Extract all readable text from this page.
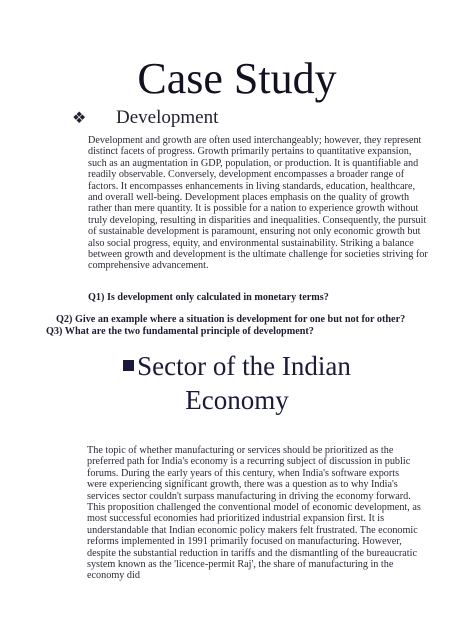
Case Study
❖ Development

Development and growth are often used interchangeably; however, they represent distinct facets of progress. Growth primarily pertains to quantitative expansion, such as an augmentation in GDP, population, or production. It is quantifiable and readily observable. Conversely, development encompasses a broader range of factors. It encompasses enhancements in living standards, education, healthcare, and overall well-being. Development places emphasis on the quality of growth rather than mere quantity. It is possible for a nation to experience growth without truly developing, resulting in disparities and inequalities. Consequently, the pursuit of sustainable development is paramount, ensuring not only economic growth but also social progress, equity, and environmental sustainability. Striking a balance between growth and development is the ultimate challenge for societies striving for comprehensive advancement.

Q1) Is development only calculated in monetary terms?

Q2) Give an example where a situation is development for one but not for other?

Q3) What are the two fundamental principle of development?

Sector of the Indian
Economy

The topic of whether manufacturing or services should be prioritized as the preferred path for India's economy is a recurring subject of discussion in public forums. During the early years of this century, when India's software exports were experiencing significant growth, there was a question as to why India's services sector couldn't surpass manufacturing in driving the economy forward. This proposition challenged the conventional model of economic development, as most successful economies had prioritized industrial expansion first. It is understandable that Indian economic policy makers felt frustrated. The economic reforms implemented in 1991 primarily focused on manufacturing. However, despite the substantial reduction in tariffs and the dismantling of the bureaucratic system known as the 'licence-permit Raj', the share of manufacturing in the economy did
